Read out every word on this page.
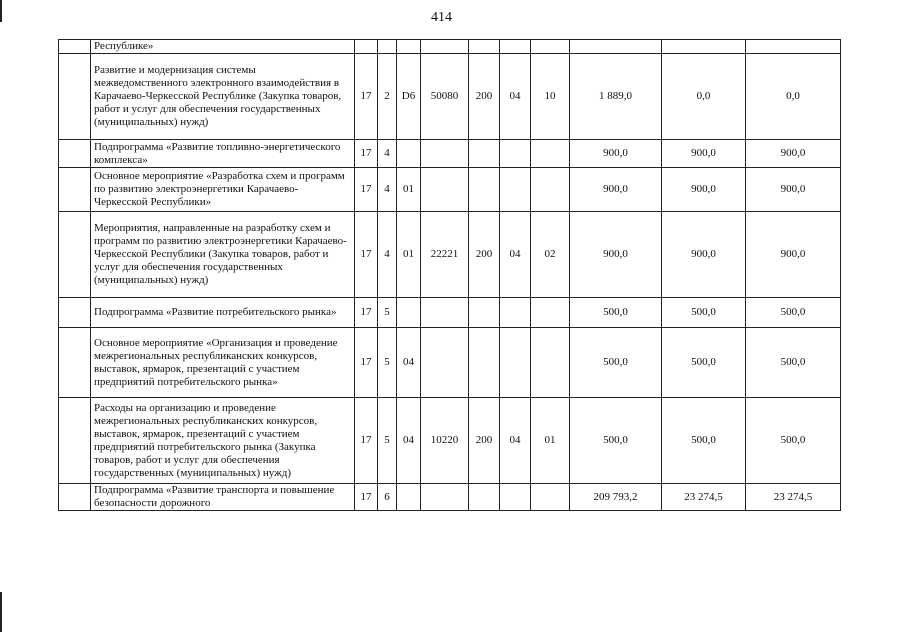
414
	Республике»										
	Развитие и модернизация системы межведомственного электронного взаимодействия в Карачаево-Черкесской Республике (Закупка товаров, работ и услуг для обеспечения государственных (муниципальных) нужд)	17	2	D6	50080	200	04	10	1 889,0	0,0	0,0
	Подпрограмма «Развитие топливно-энергетического комплекса»	17	4						900,0	900,0	900,0
	Основное мероприятие «Разработка схем и программ по развитию электроэнергетики Карачаево-Черкесской Республики»	17	4	01					900,0	900,0	900,0
	Мероприятия, направленные на разработку схем и программ по развитию электроэнергетики Карачаево-Черкесской Республики (Закупка товаров, работ и услуг для обеспечения государственных (муниципальных) нужд)	17	4	01	22221	200	04	02	900,0	900,0	900,0
	Подпрограмма «Развитие потребительского рынка»	17	5						500,0	500,0	500,0
	Основное мероприятие «Организация и проведение межрегиональных республиканских конкурсов, выставок, ярмарок, презентаций с участием предприятий потребительского рынка»	17	5	04					500,0	500,0	500,0
	Расходы на организацию и проведение межрегиональных республиканских конкурсов, выставок, ярмарок, презентаций с участием предприятий потребительского рынка (Закупка товаров, работ и услуг для обеспечения государственных (муниципальных) нужд)	17	5	04	10220	200	04	01	500,0	500,0	500,0
	Подпрограмма «Развитие транспорта и повышение безопасности дорожного	17	6						209 793,2	23 274,5	23 274,5
